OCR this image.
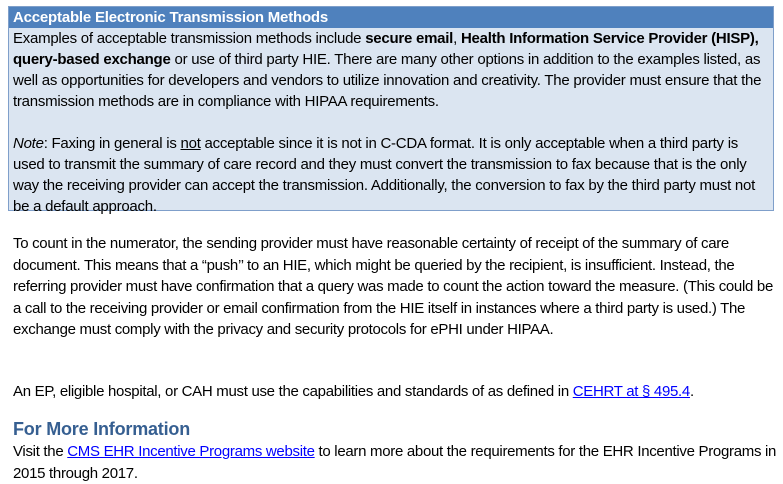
Acceptable Electronic Transmission Methods

Examples of acceptable transmission methods include secure email, Health Information Service Provider (HISP), query-based exchange or use of third party HIE. There are many other options in addition to the examples listed, as well as opportunities for developers and vendors to utilize innovation and creativity. The provider must ensure that the transmission methods are in compliance with HIPAA requirements.

Note: Faxing in general is not acceptable since it is not in C-CDA format. It is only acceptable when a third party is used to transmit the summary of care record and they must convert the transmission to fax because that is the only way the receiving provider can accept the transmission. Additionally, the conversion to fax by the third party must not be a default approach.

To count in the numerator, the sending provider must have reasonable certainty of receipt of the summary of care document. This means that a “push’’ to an HIE, which might be queried by the recipient, is insufficient. Instead, the referring provider must have confirmation that a query was made to count the action toward the measure. (This could be a call to the receiving provider or email confirmation from the HIE itself in instances where a third party is used.) The exchange must comply with the privacy and security protocols for ePHI under HIPAA.

An EP, eligible hospital, or CAH must use the capabilities and standards of as defined in CEHRT at § 495.4.

For More Information

Visit the CMS EHR Incentive Programs website to learn more about the requirements for the EHR Incentive Programs in 2015 through 2017.
